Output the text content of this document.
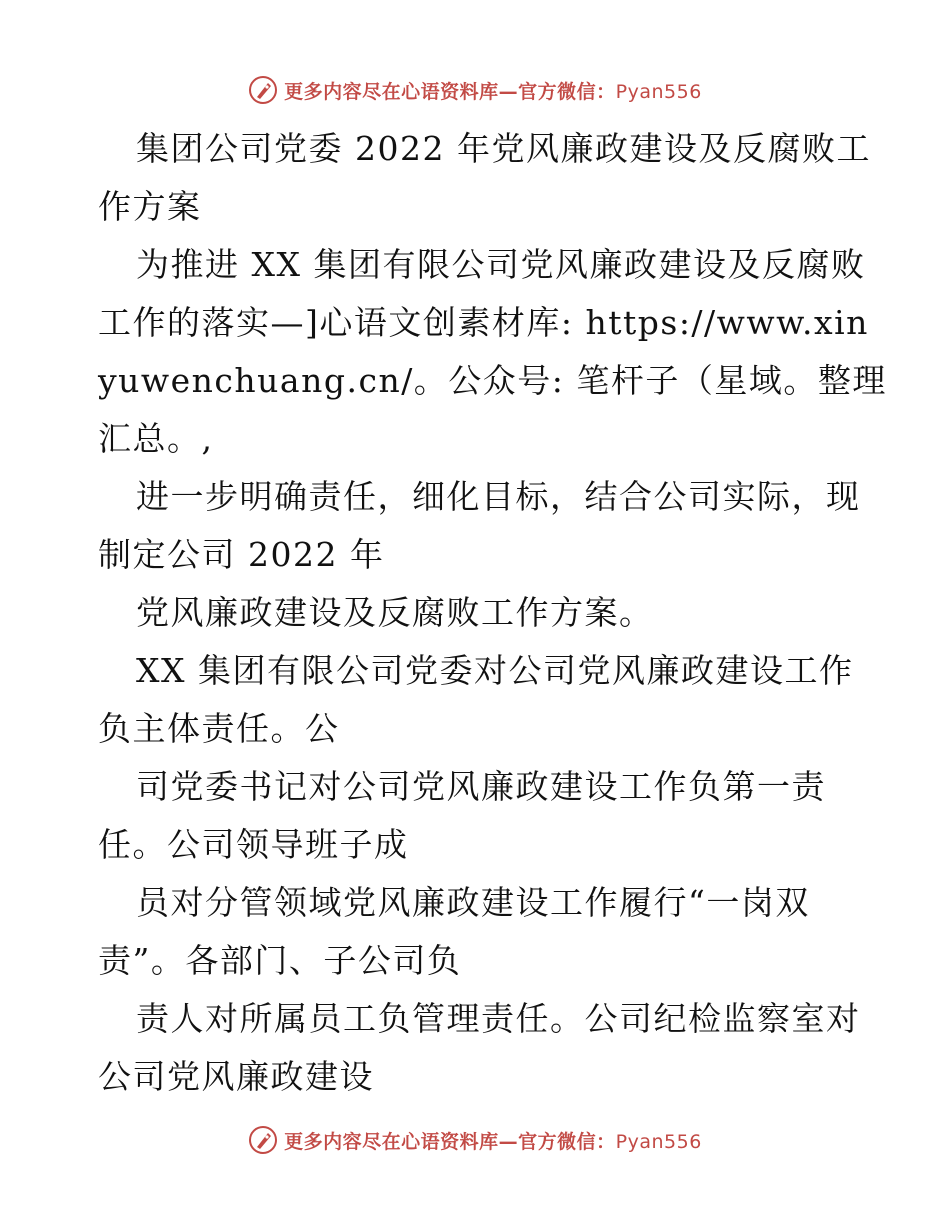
更多内容尽在心语资料库—官方微信：Pyan556
集团公司党委 2022 年党风廉政建设及反腐败工
作方案
为推进 XX 集团有限公司党风廉政建设及反腐败
工作的落实—]心语文创素材库: https://www.xin
yuwenchuang.cn/。公众号: 笔杆子（星域。整理
汇总。,
进一步明确责任，细化目标，结合公司实际，现
制定公司 2022 年
党风廉政建设及反腐败工作方案。
XX 集团有限公司党委对公司党风廉政建设工作
负主体责任。公
司党委书记对公司党风廉政建设工作负第一责
任。公司领导班子成
员对分管领域党风廉政建设工作履行“一岗双
责”。各部门、子公司负
责人对所属员工负管理责任。公司纪检监察室对
公司党风廉政建设
更多内容尽在心语资料库—官方微信：Pyan556
